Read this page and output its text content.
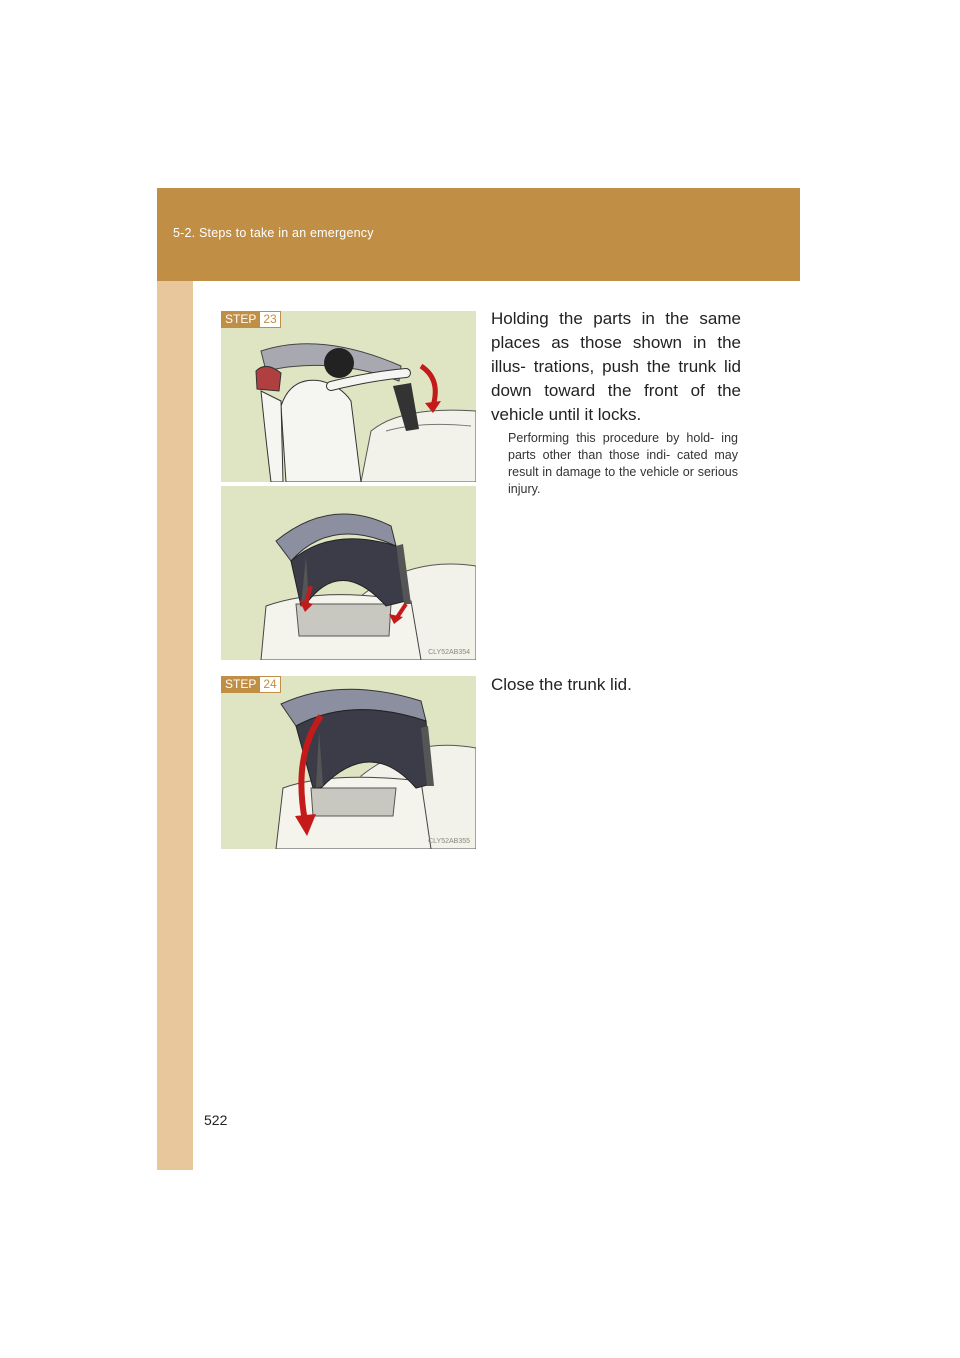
5-2. Steps to take in an emergency
STEP 23
CLY52AB354
STEP 24
CLY52AB355
Holding the parts in the same places as those shown in the illus- trations, push the trunk lid down toward the front of the vehicle until it locks.
Performing this procedure by hold- ing parts other than those indi- cated may result in damage to the vehicle or serious injury.
Close the trunk lid.
522
